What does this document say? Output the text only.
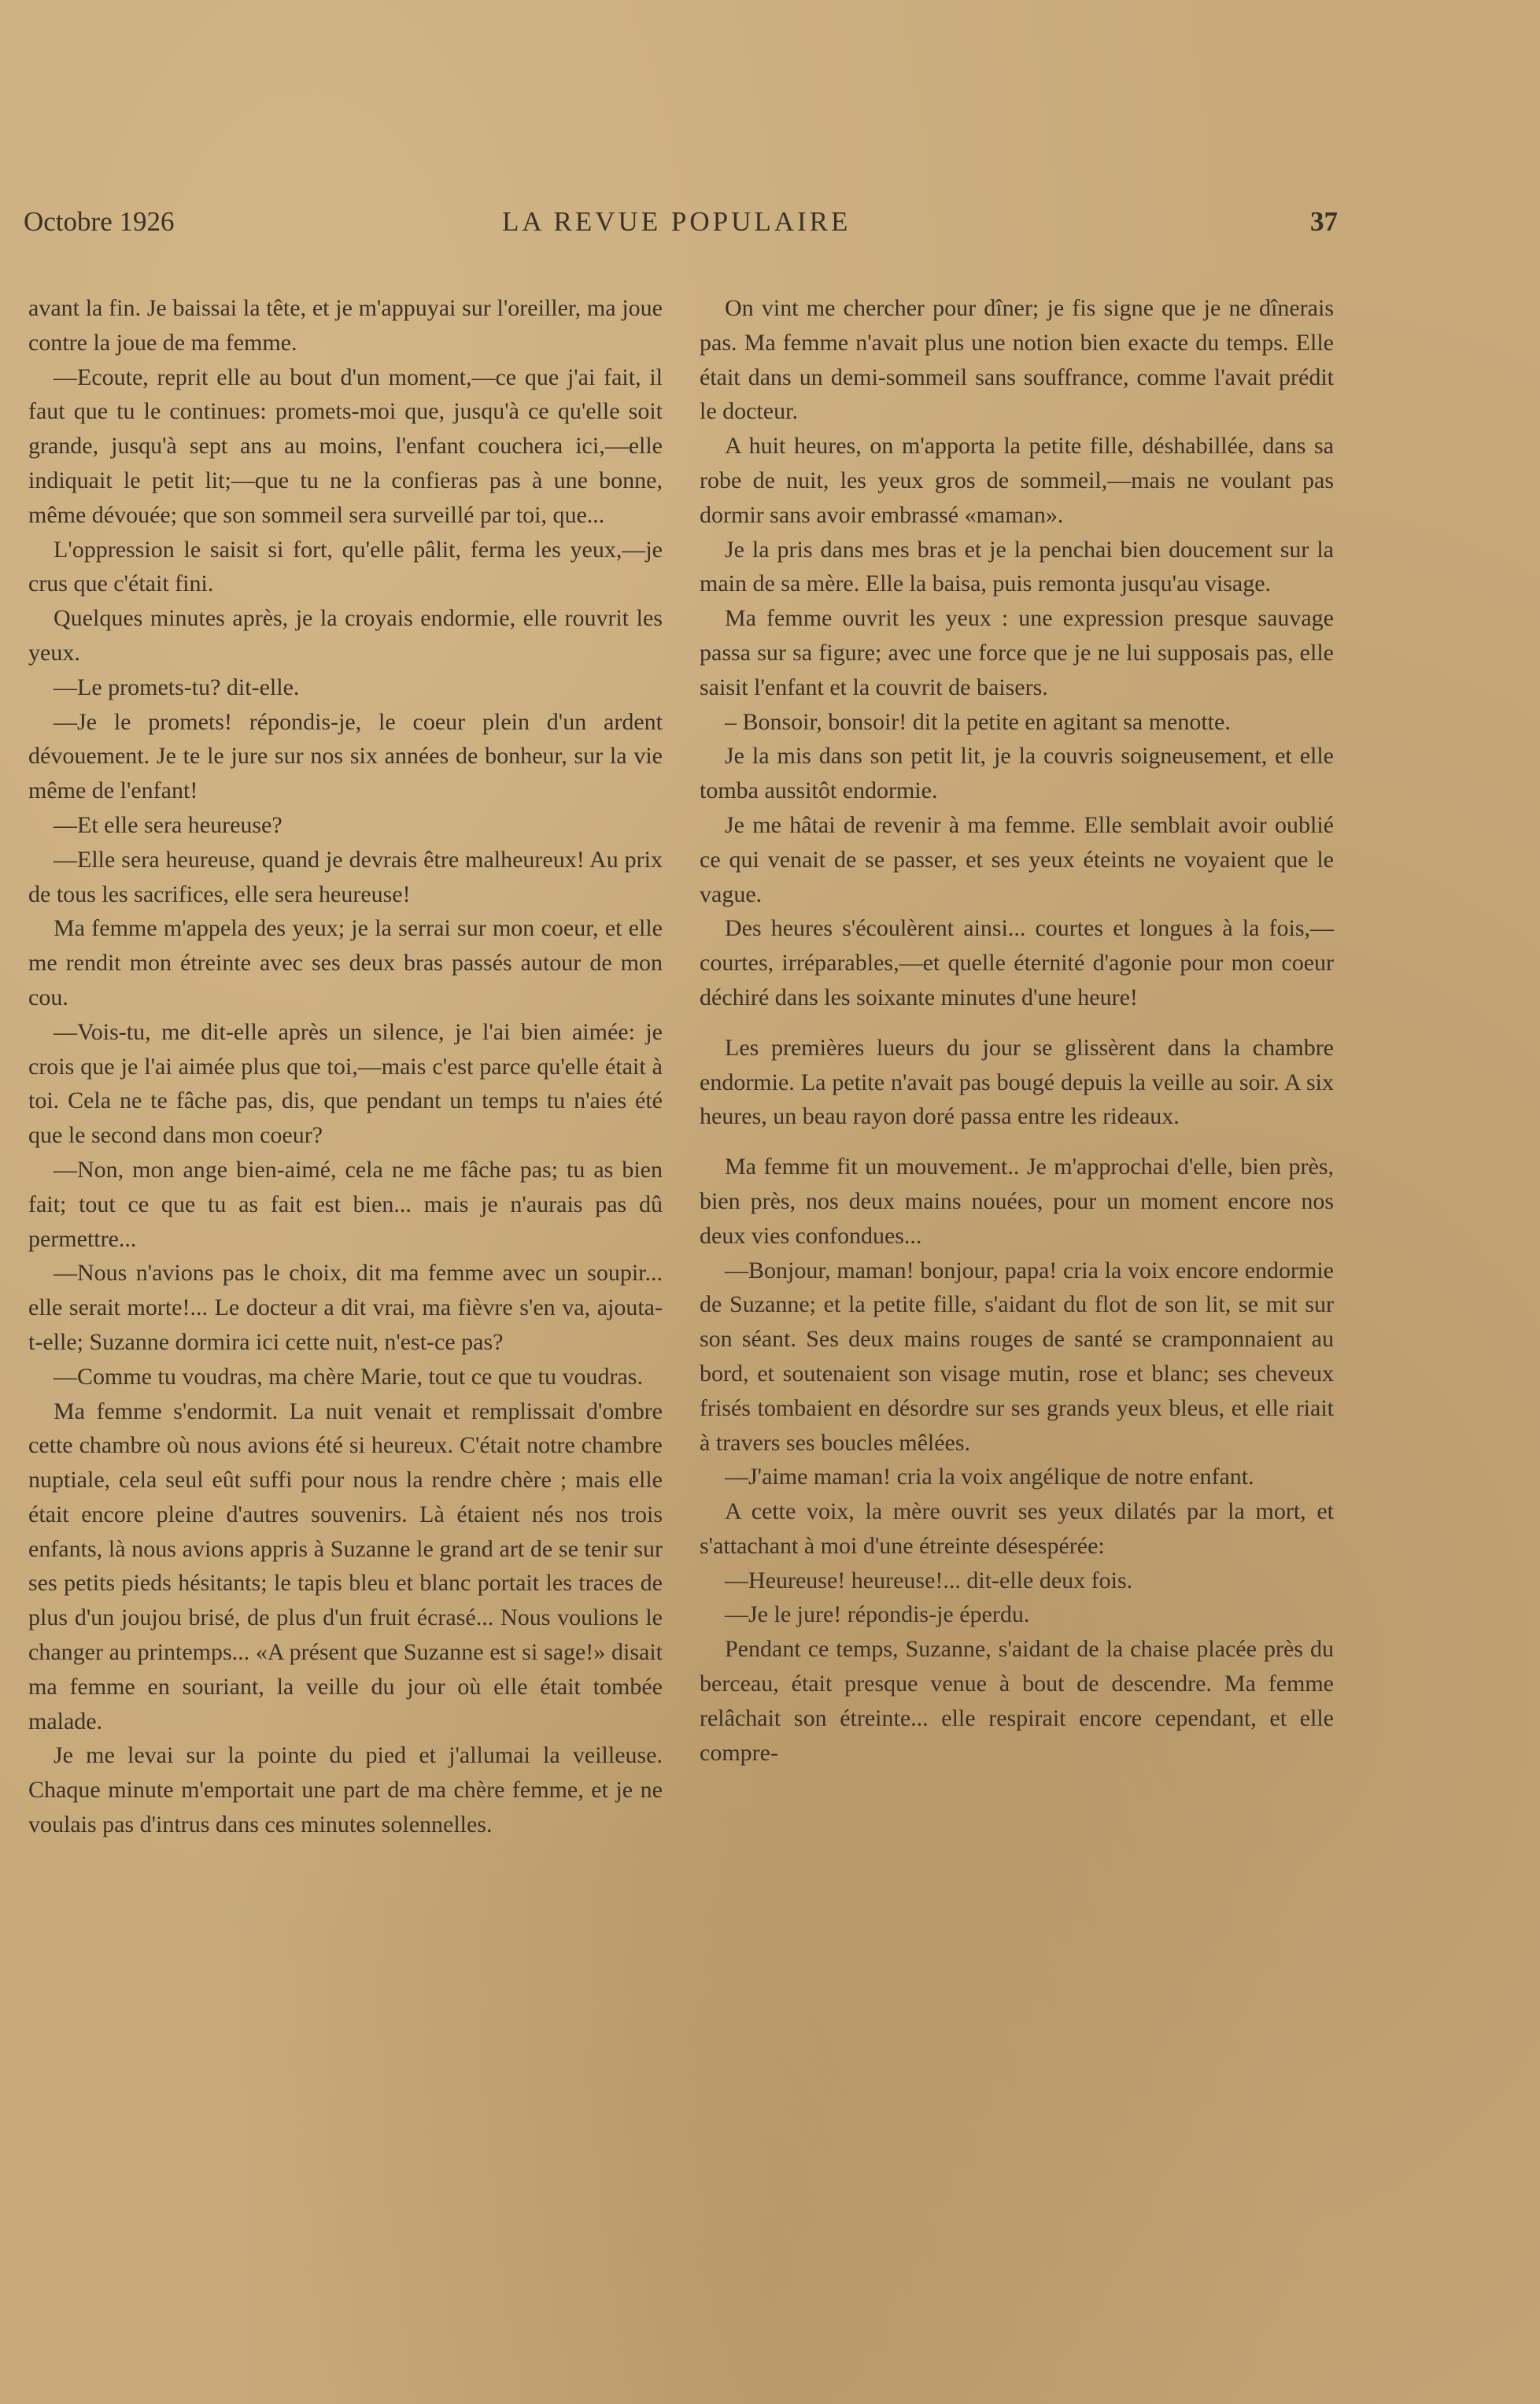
Octobre 1926	LA REVUE POPULAIRE	37

avant la fin. Je baissai la tête, et je m'appuyai sur l'oreiller, ma joue contre la joue de ma femme.

—Ecoute, reprit elle au bout d'un moment,—ce que j'ai fait, il faut que tu le continues: promets-moi que, jusqu'à ce qu'elle soit grande, jusqu'à sept ans au moins, l'enfant couchera ici,—elle indiquait le petit lit;—que tu ne la confieras pas à une bonne, même dévouée; que son sommeil sera surveillé par toi, que...

L'oppression le saisit si fort, qu'elle pâlit, ferma les yeux,—je crus que c'était fini.

Quelques minutes après, je la croyais endormie, elle rouvrit les yeux.

—Le promets-tu? dit-elle.

—Je le promets! répondis-je, le coeur plein d'un ardent dévouement. Je te le jure sur nos six années de bonheur, sur la vie même de l'enfant!

—Et elle sera heureuse?

—Elle sera heureuse, quand je devrais être malheureux! Au prix de tous les sacrifices, elle sera heureuse!

Ma femme m'appela des yeux; je la serrai sur mon coeur, et elle me rendit mon étreinte avec ses deux bras passés autour de mon cou.

—Vois-tu, me dit-elle après un silence, je l'ai bien aimée: je crois que je l'ai aimée plus que toi,—mais c'est parce qu'elle était à toi. Cela ne te fâche pas, dis, que pendant un temps tu n'aies été que le second dans mon coeur?

—Non, mon ange bien-aimé, cela ne me fâche pas; tu as bien fait; tout ce que tu as fait est bien... mais je n'aurais pas dû permettre...

—Nous n'avions pas le choix, dit ma femme avec un soupir... elle serait morte!... Le docteur a dit vrai, ma fièvre s'en va, ajouta-t-elle; Suzanne dormira ici cette nuit, n'est-ce pas?

—Comme tu voudras, ma chère Marie, tout ce que tu voudras.

Ma femme s'endormit. La nuit venait et remplissait d'ombre cette chambre où nous avions été si heureux. C'était notre chambre nuptiale, cela seul eût suffi pour nous la rendre chère ; mais elle était encore pleine d'autres souvenirs. Là étaient nés nos trois enfants, là nous avions appris à Suzanne le grand art de se tenir sur ses petits pieds hésitants; le tapis bleu et blanc portait les traces de plus d'un joujou brisé, de plus d'un fruit écrasé... Nous voulions le changer au printemps... «A présent que Suzanne est si sage!» disait ma femme en souriant, la veille du jour où elle était tombée malade.

Je me levai sur la pointe du pied et j'allumai la veilleuse. Chaque minute m'emportait une part de ma chère femme, et je ne voulais pas d'intrus dans ces minutes solennelles.

On vint me chercher pour dîner; je fis signe que je ne dînerais pas. Ma femme n'avait plus une notion bien exacte du temps. Elle était dans un demi-sommeil sans souffrance, comme l'avait prédit le docteur.

A huit heures, on m'apporta la petite fille, déshabillée, dans sa robe de nuit, les yeux gros de sommeil,—mais ne voulant pas dormir sans avoir embrassé «maman».

Je la pris dans mes bras et je la penchai bien doucement sur la main de sa mère. Elle la baisa, puis remonta jusqu'au visage.

Ma femme ouvrit les yeux : une expression presque sauvage passa sur sa figure; avec une force que je ne lui supposais pas, elle saisit l'enfant et la couvrit de baisers.

– Bonsoir, bonsoir! dit la petite en agitant sa menotte.

Je la mis dans son petit lit, je la couvris soigneusement, et elle tomba aussitôt endormie.

Je me hâtai de revenir à ma femme. Elle semblait avoir oublié ce qui venait de se passer, et ses yeux éteints ne voyaient que le vague.

Des heures s'écoulèrent ainsi... courtes et longues à la fois,—courtes, irréparables,—et quelle éternité d'agonie pour mon coeur déchiré dans les soixante minutes d'une heure!

Les premières lueurs du jour se glissèrent dans la chambre endormie. La petite n'avait pas bougé depuis la veille au soir. A six heures, un beau rayon doré passa entre les rideaux.

Ma femme fit un mouvement.. Je m'approchai d'elle, bien près, bien près, nos deux mains nouées, pour un moment encore nos deux vies confondues...

—Bonjour, maman! bonjour, papa! cria la voix encore endormie de Suzanne; et la petite fille, s'aidant du flot de son lit, se mit sur son séant. Ses deux mains rouges de santé se cramponnaient au bord, et soutenaient son visage mutin, rose et blanc; ses cheveux frisés tombaient en désordre sur ses grands yeux bleus, et elle riait à travers ses boucles mêlées.

—J'aime maman! cria la voix angélique de notre enfant.

A cette voix, la mère ouvrit ses yeux dilatés par la mort, et s'attachant à moi d'une étreinte désespérée:

—Heureuse! heureuse!... dit-elle deux fois.

—Je le jure! répondis-je éperdu.

Pendant ce temps, Suzanne, s'aidant de la chaise placée près du berceau, était presque venue à bout de descendre. Ma femme relâchait son étreinte... elle respirait encore cependant, et elle compre-
